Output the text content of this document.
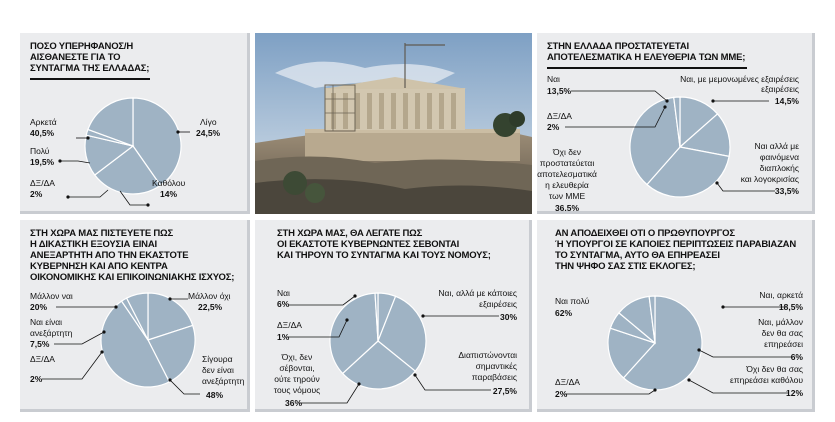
ΠΟΣΟ ΥΠΕΡΗΦΑΝΟΣ/Η
ΑΙΣΘΑΝΕΣΤΕ ΓΙΑ ΤΟ
ΣΥΝΤΑΓΜΑ ΤΗΣ ΕΛΛΑΔΑΣ;
Αρκετά
40,5%
Λίγο
24,5%
Καθόλου
14%
ΔΞ/ΔΑ
2%
Πολύ
19,5%
ΣΤΗΝ ΕΛΛΑΔΑ ΠΡΟΣΤΑΤΕΥΕΤΑΙ
ΑΠΟΤΕΛΕΣΜΑΤΙΚΑ Η ΕΛΕΥΘΕΡΙΑ ΤΩΝ ΜΜΕ;
Ναι
13,5%
Ναι, με μεμονωμένες εξαιρέσεις
εξαιρέσεις
14,5%
Ναι αλλά με
φαινόμενα
διαπλοκής
και λογοκρισίας
33,5%
Όχι δεν
προστατεύεται
αποτελεσματικά
η ελευθερία
των ΜΜΕ
36,5%
ΔΞ/ΔΑ
2%
ΣΤΗ ΧΩΡΑ ΜΑΣ ΠΙΣΤΕΥΕΤΕ ΠΩΣ
Η ΔΙΚΑΣΤΙΚΗ ΕΞΟΥΣΙΑ ΕΙΝΑΙ
ΑΝΕΞΑΡΤΗΤΗ ΑΠΟ ΤΗΝ ΕΚΑΣΤΟΤΕ
ΚΥΒΕΡΝΗΣΗ ΚΑΙ ΑΠΟ ΚΕΝΤΡΑ
ΟΙΚΟΝΟΜΙΚΗΣ ΚΑΙ ΕΠΙΚΟΙΝΩΝΙΑΚΗΣ ΙΣΧΥΟΣ;
Μάλλον ναι
20%
Μάλλον όχι
22,5%
Σίγουρα
δεν είναι
ανεξάρτητη
48%
ΔΞ/ΔΑ
2%
Ναι είναι
ανεξάρτητη
7,5%
ΣΤΗ ΧΩΡΑ ΜΑΣ, ΘΑ ΛΕΓΑΤΕ ΠΩΣ
ΟΙ ΕΚΑΣΤΟΤΕ ΚΥΒΕΡΝΩΝΤΕΣ ΣΕΒΟΝΤΑΙ
ΚΑΙ ΤΗΡΟΥΝ ΤΟ ΣΥΝΤΑΓΜΑ ΚΑΙ ΤΟΥΣ ΝΟΜΟΥΣ;
Ναι
6%
Ναι, αλλά με κάποιες
εξαιρέσεις
30%
Διαπιστώνονται
σημαντικές
παραβάσεις
27,5%
Όχι, δεν
σέβονται,
ούτε τηρούν
τους νόμους
36%
ΔΞ/ΔΑ
1%
ΑΝ ΑΠΟΔΕΙΧΘΕΙ ΟΤΙ Ο ΠΡΩΘΥΠΟΥΡΓΟΣ
Ή ΥΠΟΥΡΓΟΙ ΣΕ ΚΑΠΟΙΕΣ ΠΕΡΙΠΤΩΣΕΙΣ ΠΑΡΑΒΙΑΖΑΝ
ΤΟ ΣΥΝΤΑΓΜΑ, ΑΥΤΟ ΘΑ ΕΠΗΡΕΑΣΕΙ
ΤΗΝ ΨΗΦΟ ΣΑΣ ΣΤΙΣ ΕΚΛΟΓΕΣ;
Ναι πολύ
62%
Ναι, αρκετά
18,5%
Ναι, μάλλον
δεν θα σας
επηρεάσει
6%
Όχι δεν θα σας
επηρεάσει καθόλου
12%
ΔΞ/ΔΑ
2%
